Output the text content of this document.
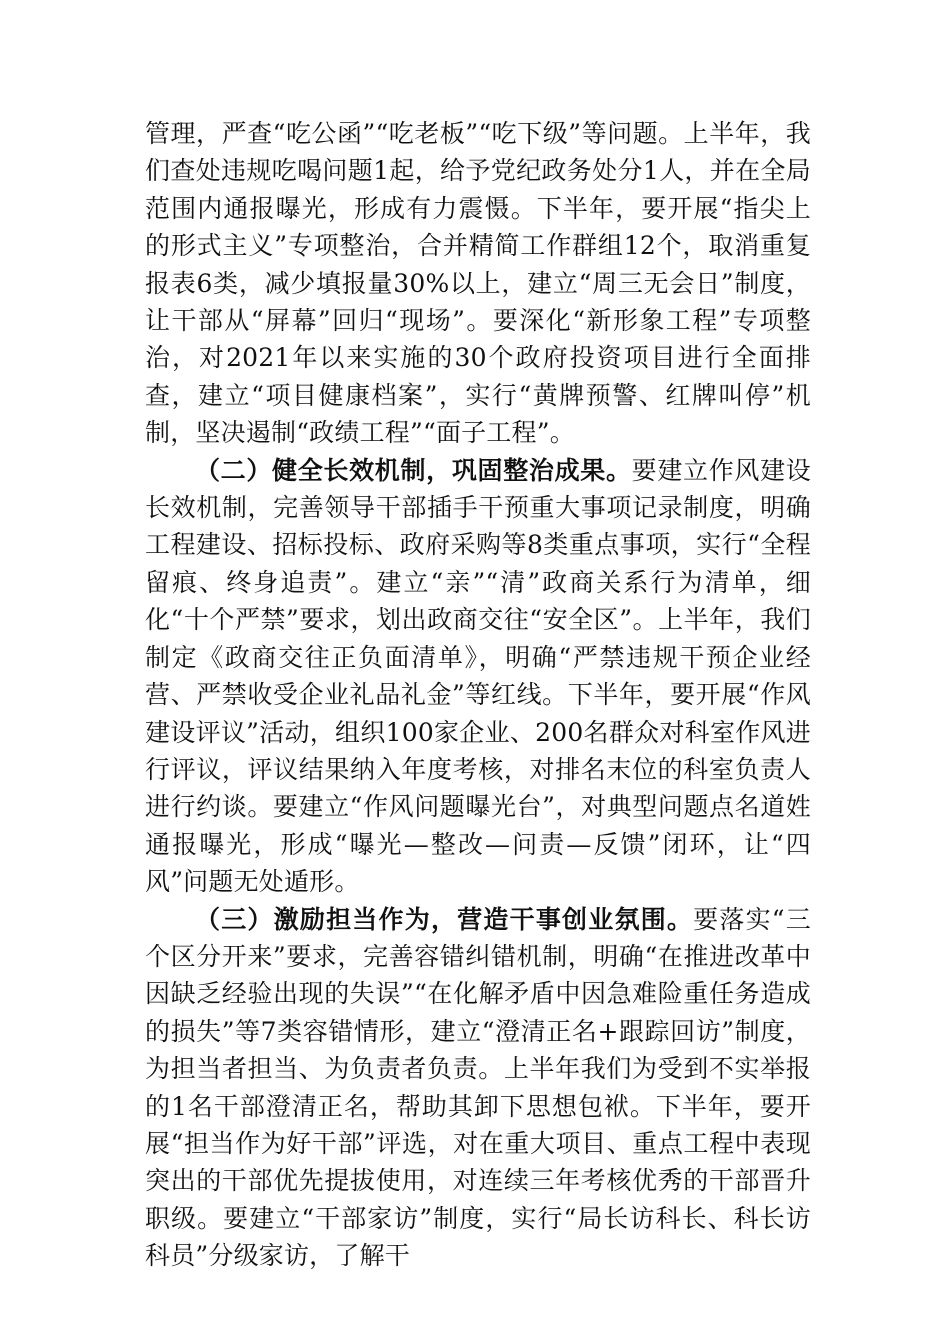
管理，严查“吃公函”“吃老板”“吃下级”等问题。上半年，我们查处违规吃喝问题1起，给予党纪政务处分1人，并在全局范围内通报曝光，形成有力震慑。下半年，要开展“指尖上的形式主义”专项整治，合并精简工作群组12个，取消重复报表6类，减少填报量30%以上，建立“周三无会日”制度，让干部从“屏幕”回归“现场”。要深化“新形象工程”专项整治，对2021年以来实施的30个政府投资项目进行全面排查，建立“项目健康档案”，实行“黄牌预警、红牌叫停”机制，坚决遏制“政绩工程”“面子工程”。

（二）健全长效机制，巩固整治成果。要建立作风建设长效机制，完善领导干部插手干预重大事项记录制度，明确工程建设、招标投标、政府采购等8类重点事项，实行“全程留痕、终身追责”。建立“亲”“清”政商关系行为清单，细化“十个严禁”要求，划出政商交往“安全区”。上半年，我们制定《政商交往正负面清单》，明确“严禁违规干预企业经营、严禁收受企业礼品礼金”等红线。下半年，要开展“作风建设评议”活动，组织100家企业、200名群众对科室作风进行评议，评议结果纳入年度考核，对排名末位的科室负责人进行约谈。要建立“作风问题曝光台”，对典型问题点名道姓通报曝光，形成“曝光—整改—问责—反馈”闭环，让“四风”问题无处遁形。

（三）激励担当作为，营造干事创业氛围。要落实“三个区分开来”要求，完善容错纠错机制，明确“在推进改革中因缺乏经验出现的失误”“在化解矛盾中因急难险重任务造成的损失”等7类容错情形，建立“澄清正名+跟踪回访”制度，为担当者担当、为负责者负责。上半年我们为受到不实举报的1名干部澄清正名，帮助其卸下思想包袱。下半年，要开展“担当作为好干部”评选，对在重大项目、重点工程中表现突出的干部优先提拔使用，对连续三年考核优秀的干部晋升职级。要建立“干部家访”制度，实行“局长访科长、科长访科员”分级家访，了解干
